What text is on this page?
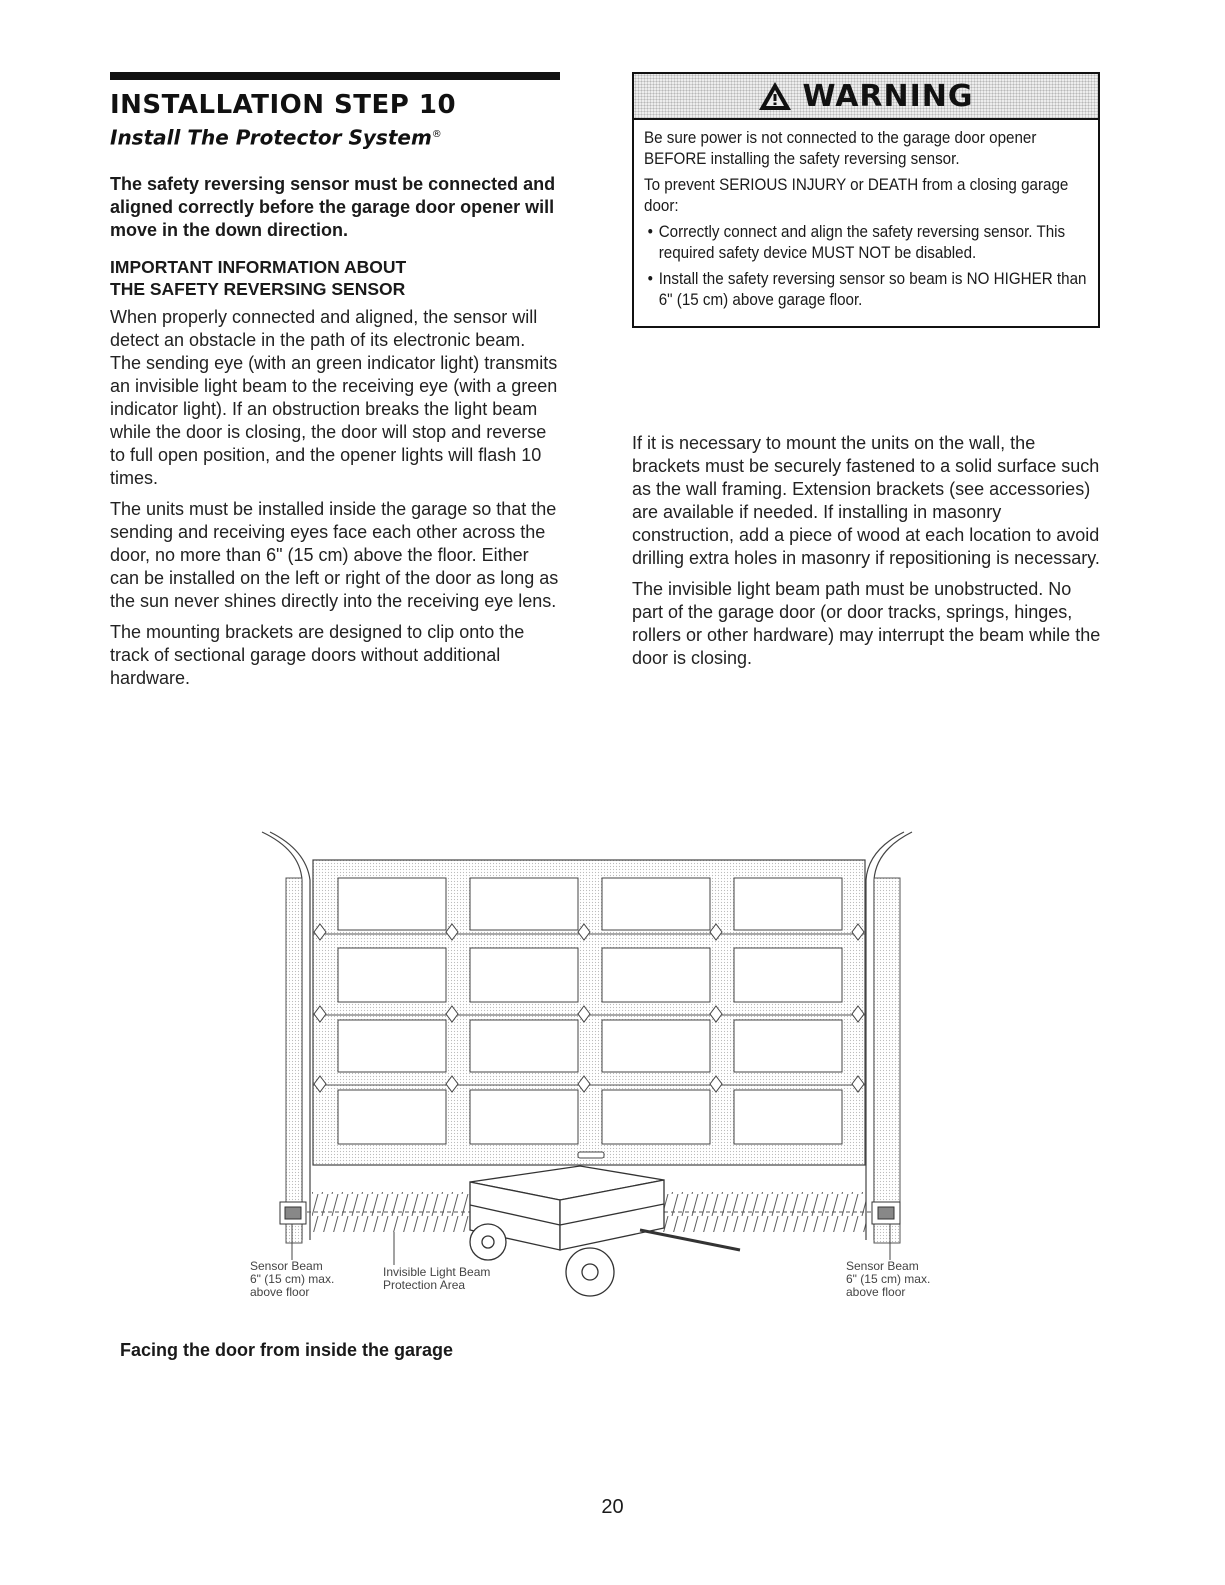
INSTALLATION STEP 10
Install The Protector System®

The safety reversing sensor must be connected and aligned correctly before the garage door opener will move in the down direction.

IMPORTANT INFORMATION ABOUT
THE SAFETY REVERSING SENSOR

When properly connected and aligned, the sensor will detect an obstacle in the path of its electronic beam. The sending eye (with an green indicator light) transmits an invisible light beam to the receiving eye (with a green indicator light). If an obstruction breaks the light beam while the door is closing, the door will stop and reverse to full open position, and the opener lights will flash 10 times.

The units must be installed inside the garage so that the sending and receiving eyes face each other across the door, no more than 6" (15 cm) above the floor. Either can be installed on the left or right of the door as long as the sun never shines directly into the receiving eye lens.

The mounting brackets are designed to clip onto the track of sectional garage doors without additional hardware.

WARNING

Be sure power is not connected to the garage door opener BEFORE installing the safety reversing sensor.

To prevent SERIOUS INJURY or DEATH from a closing garage door:

• Correctly connect and align the safety reversing sensor. This required safety device MUST NOT be disabled.
• Install the safety reversing sensor so beam is NO HIGHER than 6" (15 cm) above garage floor.

If it is necessary to mount the units on the wall, the brackets must be securely fastened to a solid surface such as the wall framing. Extension brackets (see accessories) are available if needed. If installing in masonry construction, add a piece of wood at each location to avoid drilling extra holes in masonry if repositioning is necessary.

The invisible light beam path must be unobstructed. No part of the garage door (or door tracks, springs, hinges, rollers or other hardware) may interrupt the beam while the door is closing.

Sensor Beam
6" (15 cm) max.
above floor
Invisible Light Beam
Protection Area
Sensor Beam
6" (15 cm) max.
above floor
Facing the door from inside the garage
20
